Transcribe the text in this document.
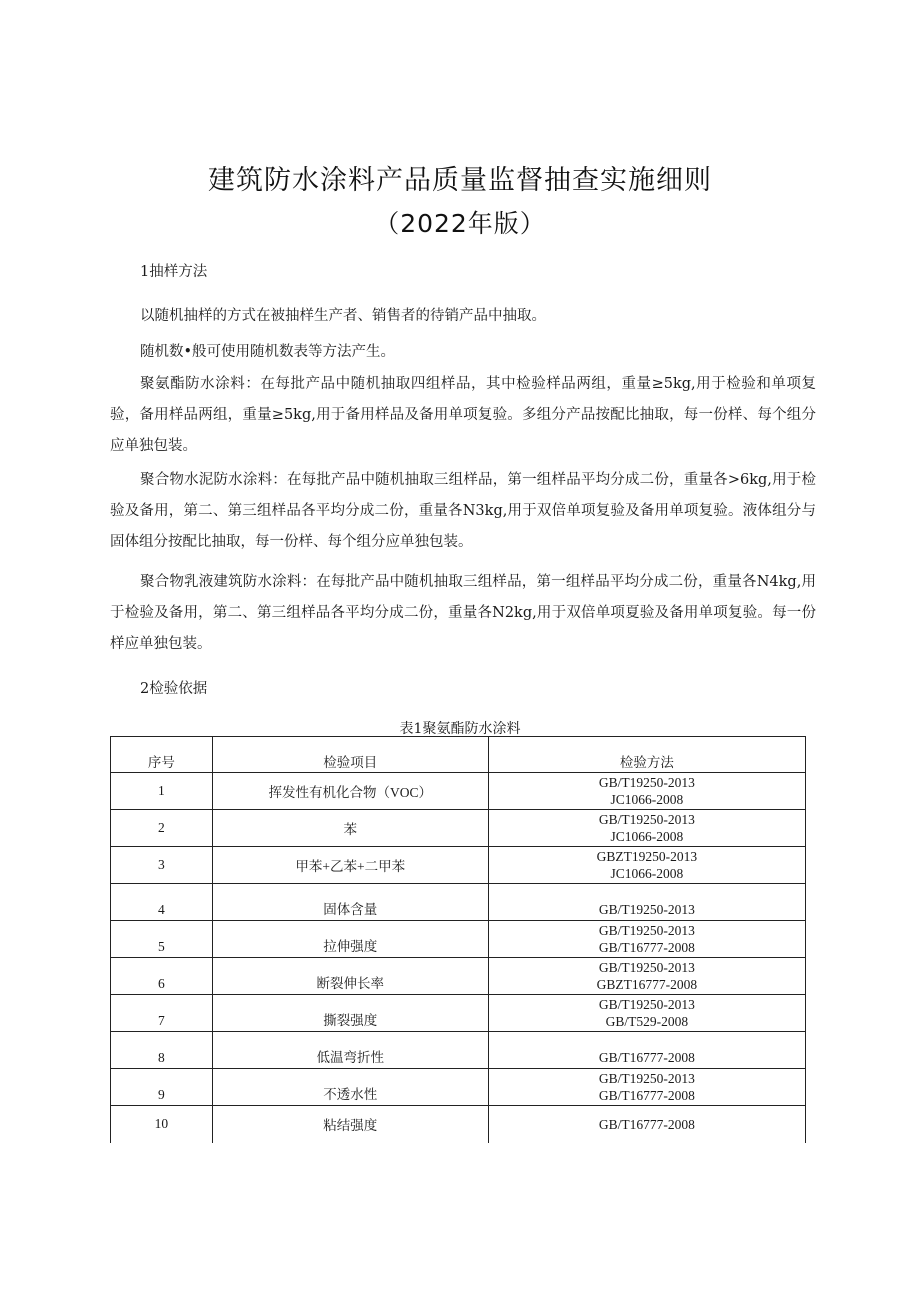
建筑防水涂料产品质量监督抽查实施细则
（2022年版）

1抽样方法

以随机抽样的方式在被抽样生产者、销售者的待销产品中抽取。

随机数•般可使用随机数表等方法产生。

聚氨酯防水涂料：在每批产品中随机抽取四组样品，其中检验样品两组，重量≥5kg,用于检验和单项复验，备用样品两组，重量≥5kg,用于备用样品及备用单项复验。多组分产品按配比抽取，每一份样、每个组分应单独包装。

聚合物水泥防水涂料：在每批产品中随机抽取三组样品，第一组样品平均分成二份，重量各>6kg,用于检验及备用，第二、第三组样品各平均分成二份，重量各N3kg,用于双倍单项复验及备用单项复验。液体组分与固体组分按配比抽取，每一份样、每个组分应单独包装。

聚合物乳液建筑防水涂料：在每批产品中随机抽取三组样品，第一组样品平均分成二份，重量各N4kg,用于检验及备用，第二、第三组样品各平均分成二份，重量各N2kg,用于双倍单项夏验及备用单项复验。每一份样应单独包装。

2检验依据

表1聚氨酯防水涂料
序号	检验项目	检验方法
1	挥发性有机化合物（VOC）	GB/T19250-2013
JC1066-2008

2	苯	GB/T19250-2013
JC1066-2008

3	甲苯+乙苯+二甲苯	GBZT19250-2013
JC1066-2008

4	固体含量	GB/T19250-2013

5	拉伸强度	GB/T19250-2013
GB/T16777-2008

6	断裂伸长率	GB/T19250-2013
GBZT16777-2008

7	撕裂强度	GB/T19250-2013
GB/T529-2008

8	低温弯折性	GB/T16777-2008

9	不透水性	GB/T19250-2013
GB/T16777-2008

10	粘结强度	GB/T16777-2008
